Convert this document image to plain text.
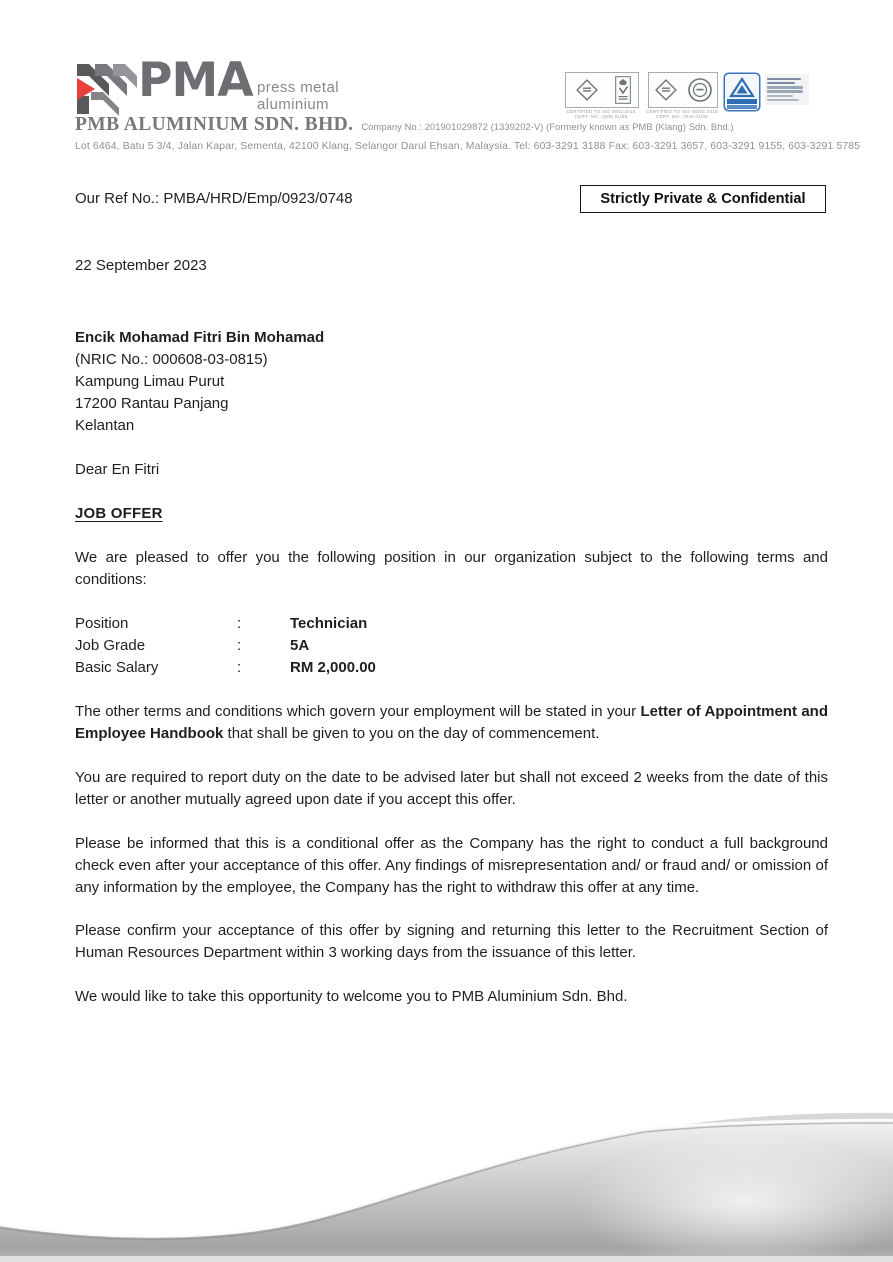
PMA press metal
aluminium
PMB ALUMINIUM SDN. BHD. Company No.: 201901029872 (1339202-V) (Formerly known as PMB (Klang) Sdn. Bhd.)
Lot 6464, Batu 5 3/4, Jalan Kapar, Sementa, 42100 Klang, Selangor Darul Ehsan, Malaysia. Tel: 603-3291 3188 Fax: 603-3291 3657, 603-3291 9155, 603-3291 5785
CERTIFIED TO ISO 9001:2015
CERT. NO.: QMS 01/09
CERTIFIED TO ISO 45001:2018
CERT. NO.: OHS 01/08
Our Ref No.: PMBA/HRD/Emp/0923/0748	Strictly Private & Confidential

22 September 2023

Encik Mohamad Fitri Bin Mohamad
(NRIC No.: 000608-03-0815)
Kampung Limau Purut
17200 Rantau Panjang
Kelantan

Dear En Fitri

JOB OFFER

We are pleased to offer you the following position in our organization subject to the following terms and conditions:

Position	:	Technician
Job Grade	:	5A
Basic Salary	:	RM 2,000.00

The other terms and conditions which govern your employment will be stated in your Letter of Appointment and Employee Handbook that shall be given to you on the day of commencement.

You are required to report duty on the date to be advised later but shall not exceed 2 weeks from the date of this letter or another mutually agreed upon date if you accept this offer.

Please be informed that this is a conditional offer as the Company has the right to conduct a full background check even after your acceptance of this offer. Any findings of misrepresentation and/ or fraud and/ or omission of any information by the employee, the Company has the right to withdraw this offer at any time.

Please confirm your acceptance of this offer by signing and returning this letter to the Recruitment Section of Human Resources Department within 3 working days from the issuance of this letter.

We would like to take this opportunity to welcome you to PMB Aluminium Sdn. Bhd.
